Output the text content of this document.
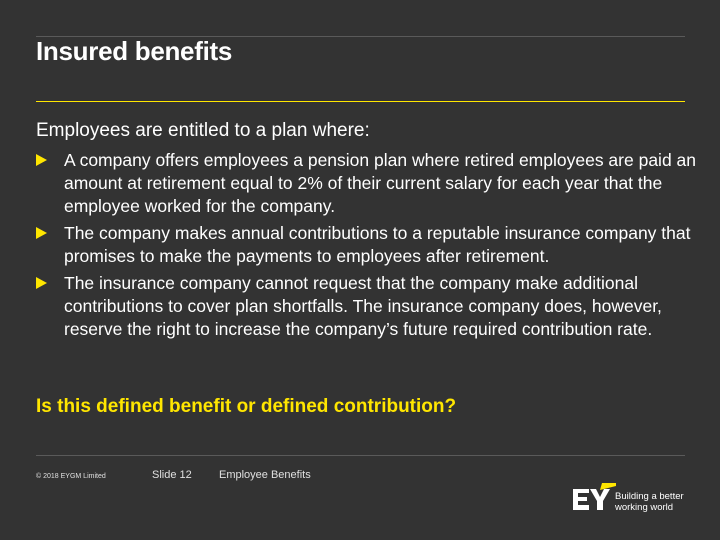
Insured benefits
Employees are entitled to a plan where:
A company offers employees a pension plan where retired employees are paid an amount at retirement equal to 2% of their current salary for each year that the employee worked for the company.
The company makes annual contributions to a reputable insurance company that promises to make the payments to employees after retirement.
The insurance company cannot request that the company make additional contributions to cover plan shortfalls. The insurance company does, however, reserve the right to increase the company’s future required contribution rate.
Is this defined benefit or defined contribution?
© 2018 EYGM Limited	Slide 12 Employee Benefits
Building a better
working world
